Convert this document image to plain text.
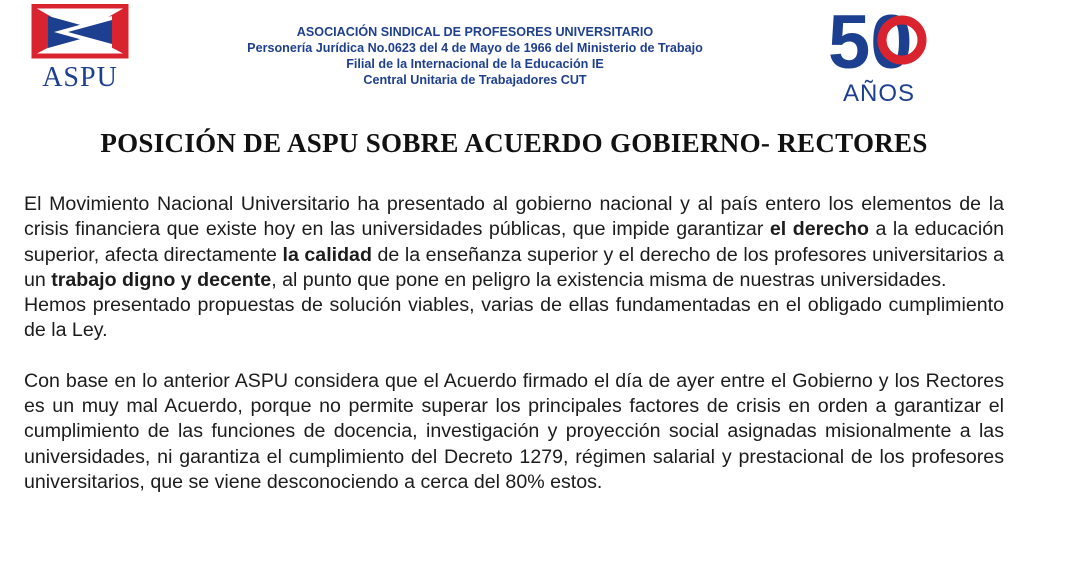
ASPU
ASOCIACIÓN SINDICAL DE PROFESORES UNIVERSITARIO
Personería Jurídica No.0623 del 4 de Mayo de 1966 del Ministerio de Trabajo
Filial de la Internacional de la Educación IE
Central Unitaria de Trabajadores CUT	50
AÑOS
POSICIÓN DE ASPU SOBRE ACUERDO GOBIERNO- RECTORES

El Movimiento Nacional Universitario ha presentado al gobierno nacional y al país entero los elementos de la crisis financiera que existe hoy en las universidades públicas, que impide garantizar el derecho a la educación superior, afecta directamente la calidad de la enseñanza superior y el derecho de los profesores universitarios a un trabajo digno y decente, al punto que pone en peligro la existencia misma de nuestras universidades.

Hemos presentado propuestas de solución viables, varias de ellas fundamentadas en el obligado cumplimiento de la Ley.

Con base en lo anterior ASPU considera que el Acuerdo firmado el día de ayer entre el Gobierno y los Rectores es un muy mal Acuerdo, porque no permite superar los principales factores de crisis en orden a garantizar el cumplimiento de las funciones de docencia, investigación y proyección social asignadas misionalmente a las universidades, ni garantiza el cumplimiento del Decreto 1279, régimen salarial y prestacional de los profesores universitarios, que se viene desconociendo a cerca del 80% estos.
